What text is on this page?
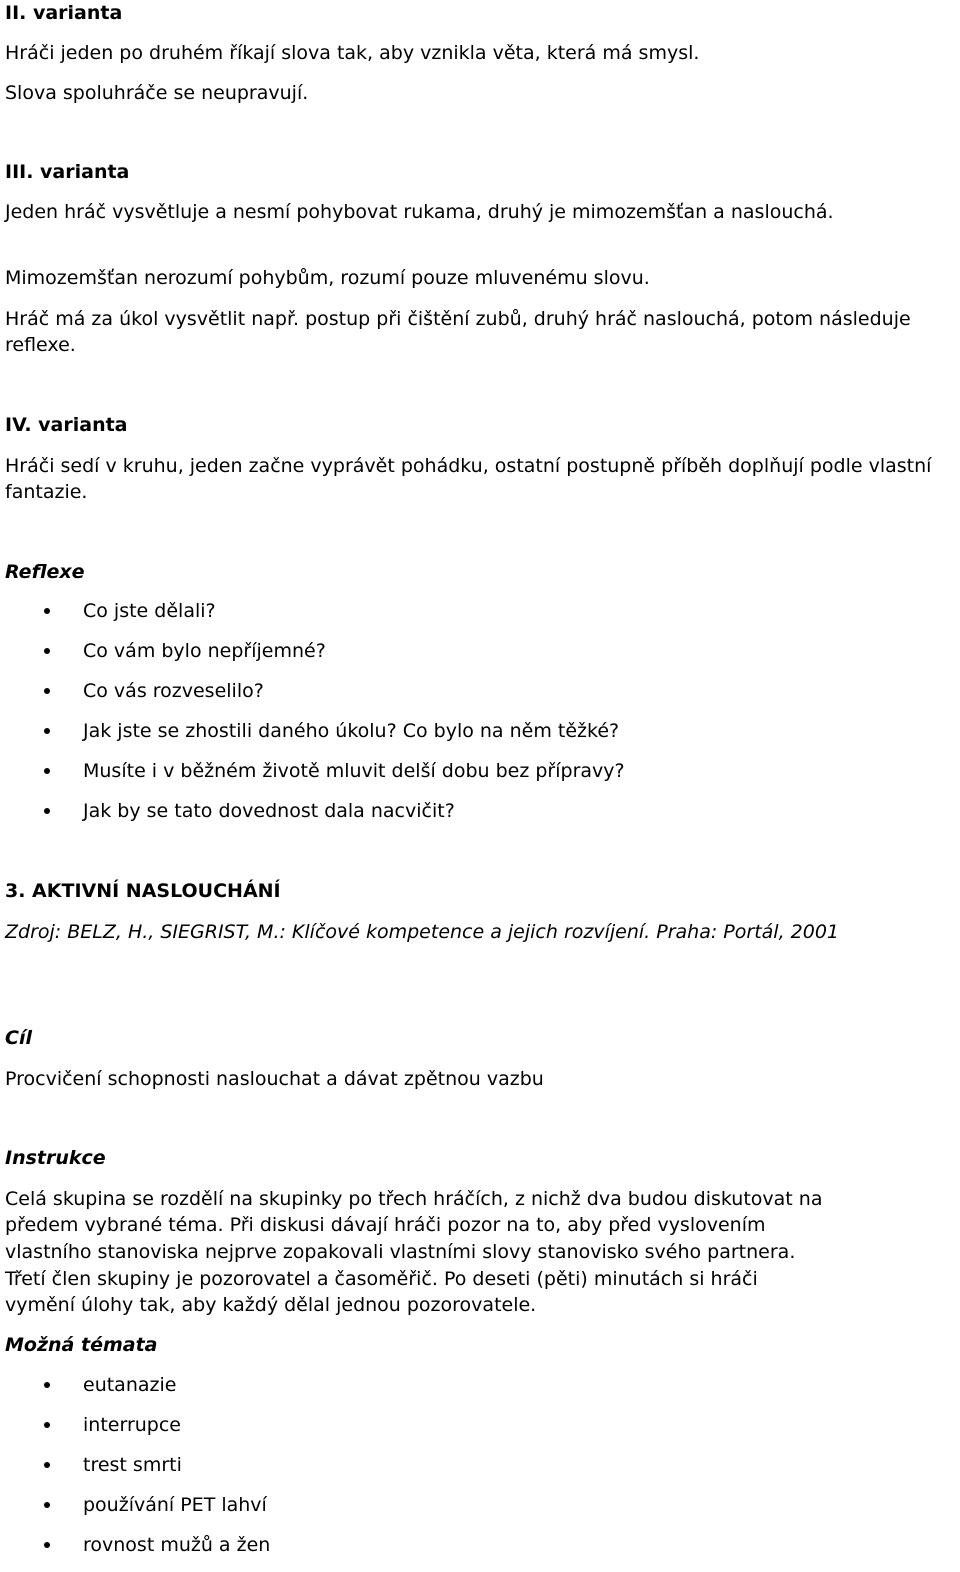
II. varianta
Hráči jeden po druhém říkají slova tak, aby vznikla věta, která má smysl.
Slova spoluhráče se neupravují.
III. varianta
Jeden hráč vysvětluje a nesmí pohybovat rukama, druhý je mimozemšťan a naslouchá.
Mimozemšťan nerozumí pohybům, rozumí pouze mluvenému slovu.
Hráč má za úkol vysvětlit např. postup při čištění zubů, druhý hráč naslouchá, potom následuje reflexe.
IV. varianta
Hráči sedí v kruhu, jeden začne vyprávět pohádku, ostatní postupně příběh doplňují podle vlastní fantazie.
Reflexe
Co jste dělali?
Co vám bylo nepříjemné?
Co vás rozveselilo?
Jak jste se zhostili daného úkolu? Co bylo na něm těžké?
Musíte i v běžném životě mluvit delší dobu bez přípravy?
Jak by se tato dovednost dala nacvičit?
3. AKTIVNÍ NASLOUCHÁNÍ
Zdroj: BELZ, H., SIEGRIST, M.: Klíčové kompetence a jejich rozvíjení. Praha: Portál, 2001
Cíl
Procvičení schopnosti naslouchat a dávat zpětnou vazbu
Instrukce
Celá skupina se rozdělí na skupinky po třech hráčích, z nichž dva budou diskutovat na
předem vybrané téma. Při diskusi dávají hráči pozor na to, aby před vyslovením
vlastního stanoviska nejprve zopakovali vlastními slovy stanovisko svého partnera.
Třetí člen skupiny je pozorovatel a časoměřič. Po deseti (pěti) minutách si hráči
vymění úlohy tak, aby každý dělal jednou pozorovatele.
Možná témata
eutanazie
interrupce
trest smrti
používání PET lahví
rovnost mužů a žen
